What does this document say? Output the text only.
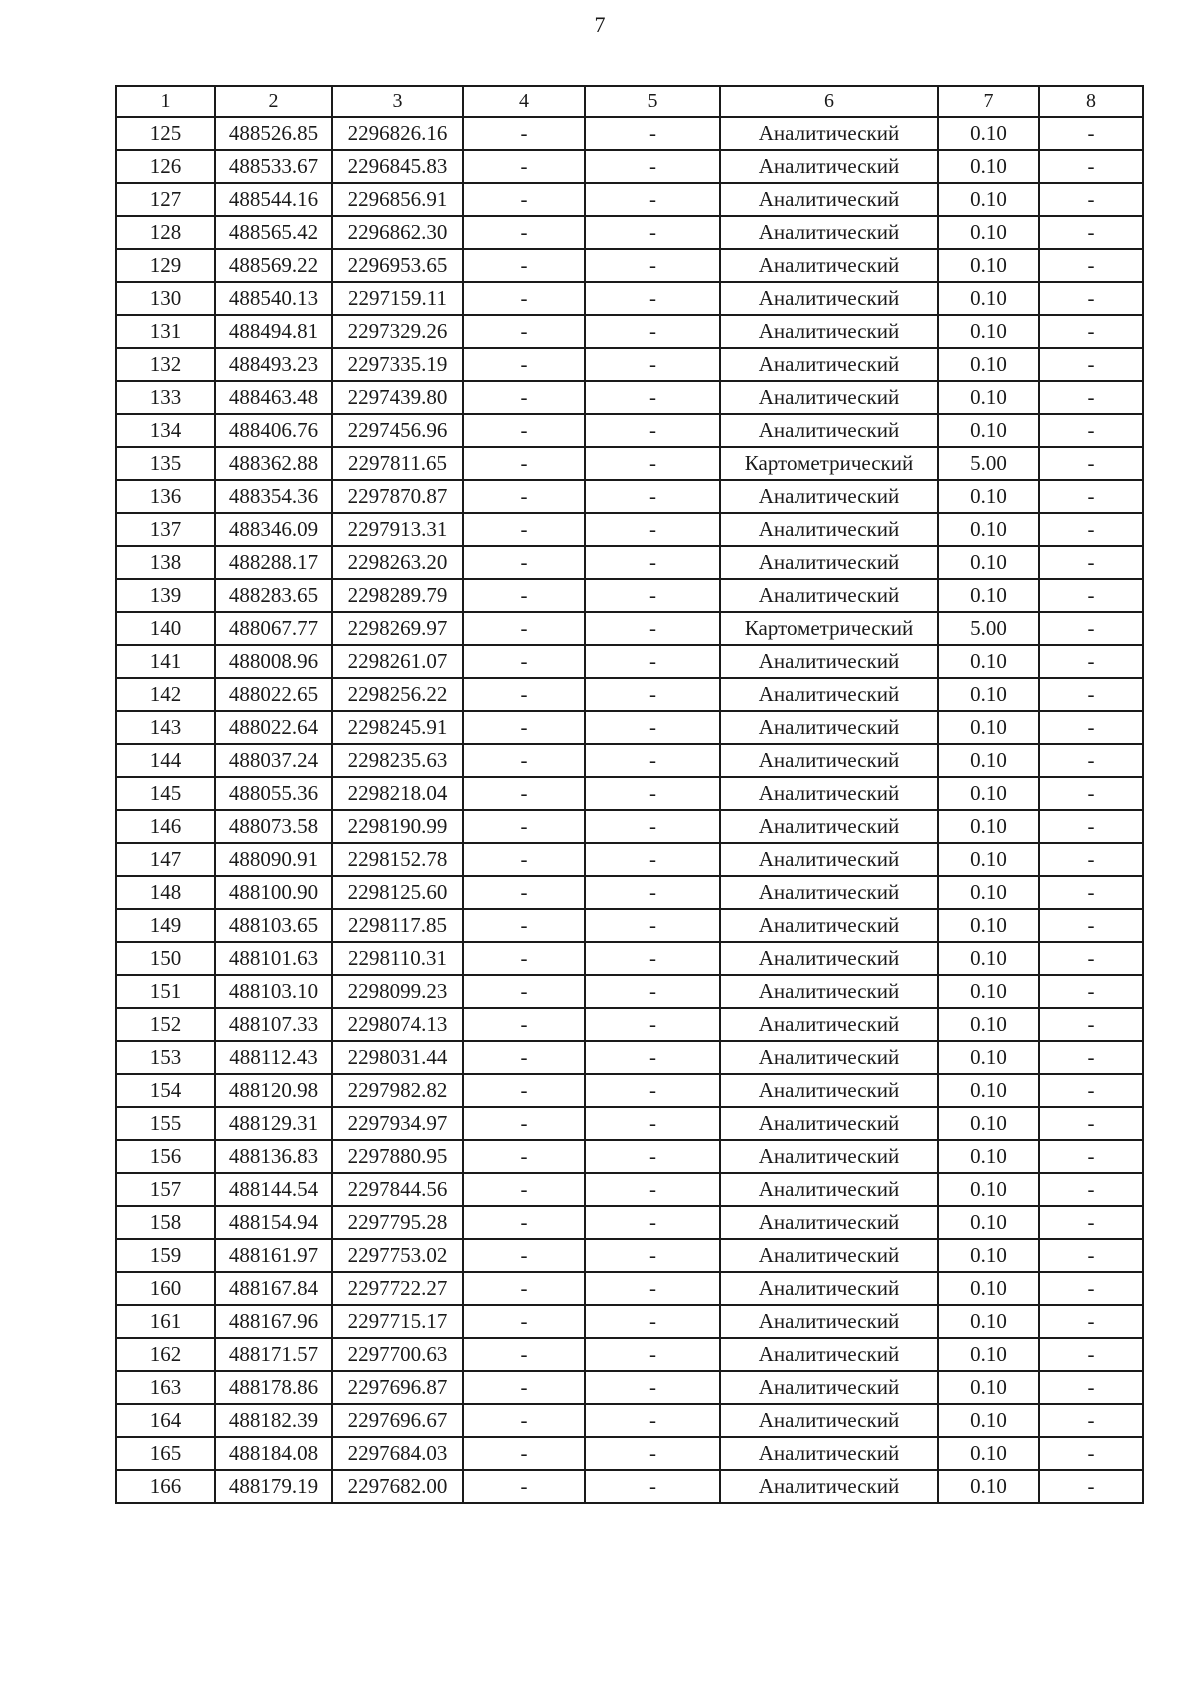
7
1	2	3	4	5	6	7	8
125	488526.85	2296826.16	-	-	Аналитический	0.10	-
126	488533.67	2296845.83	-	-	Аналитический	0.10	-
127	488544.16	2296856.91	-	-	Аналитический	0.10	-
128	488565.42	2296862.30	-	-	Аналитический	0.10	-
129	488569.22	2296953.65	-	-	Аналитический	0.10	-
130	488540.13	2297159.11	-	-	Аналитический	0.10	-
131	488494.81	2297329.26	-	-	Аналитический	0.10	-
132	488493.23	2297335.19	-	-	Аналитический	0.10	-
133	488463.48	2297439.80	-	-	Аналитический	0.10	-
134	488406.76	2297456.96	-	-	Аналитический	0.10	-
135	488362.88	2297811.65	-	-	Картометрический	5.00	-
136	488354.36	2297870.87	-	-	Аналитический	0.10	-
137	488346.09	2297913.31	-	-	Аналитический	0.10	-
138	488288.17	2298263.20	-	-	Аналитический	0.10	-
139	488283.65	2298289.79	-	-	Аналитический	0.10	-
140	488067.77	2298269.97	-	-	Картометрический	5.00	-
141	488008.96	2298261.07	-	-	Аналитический	0.10	-
142	488022.65	2298256.22	-	-	Аналитический	0.10	-
143	488022.64	2298245.91	-	-	Аналитический	0.10	-
144	488037.24	2298235.63	-	-	Аналитический	0.10	-
145	488055.36	2298218.04	-	-	Аналитический	0.10	-
146	488073.58	2298190.99	-	-	Аналитический	0.10	-
147	488090.91	2298152.78	-	-	Аналитический	0.10	-
148	488100.90	2298125.60	-	-	Аналитический	0.10	-
149	488103.65	2298117.85	-	-	Аналитический	0.10	-
150	488101.63	2298110.31	-	-	Аналитический	0.10	-
151	488103.10	2298099.23	-	-	Аналитический	0.10	-
152	488107.33	2298074.13	-	-	Аналитический	0.10	-
153	488112.43	2298031.44	-	-	Аналитический	0.10	-
154	488120.98	2297982.82	-	-	Аналитический	0.10	-
155	488129.31	2297934.97	-	-	Аналитический	0.10	-
156	488136.83	2297880.95	-	-	Аналитический	0.10	-
157	488144.54	2297844.56	-	-	Аналитический	0.10	-
158	488154.94	2297795.28	-	-	Аналитический	0.10	-
159	488161.97	2297753.02	-	-	Аналитический	0.10	-
160	488167.84	2297722.27	-	-	Аналитический	0.10	-
161	488167.96	2297715.17	-	-	Аналитический	0.10	-
162	488171.57	2297700.63	-	-	Аналитический	0.10	-
163	488178.86	2297696.87	-	-	Аналитический	0.10	-
164	488182.39	2297696.67	-	-	Аналитический	0.10	-
165	488184.08	2297684.03	-	-	Аналитический	0.10	-
166	488179.19	2297682.00	-	-	Аналитический	0.10	-
